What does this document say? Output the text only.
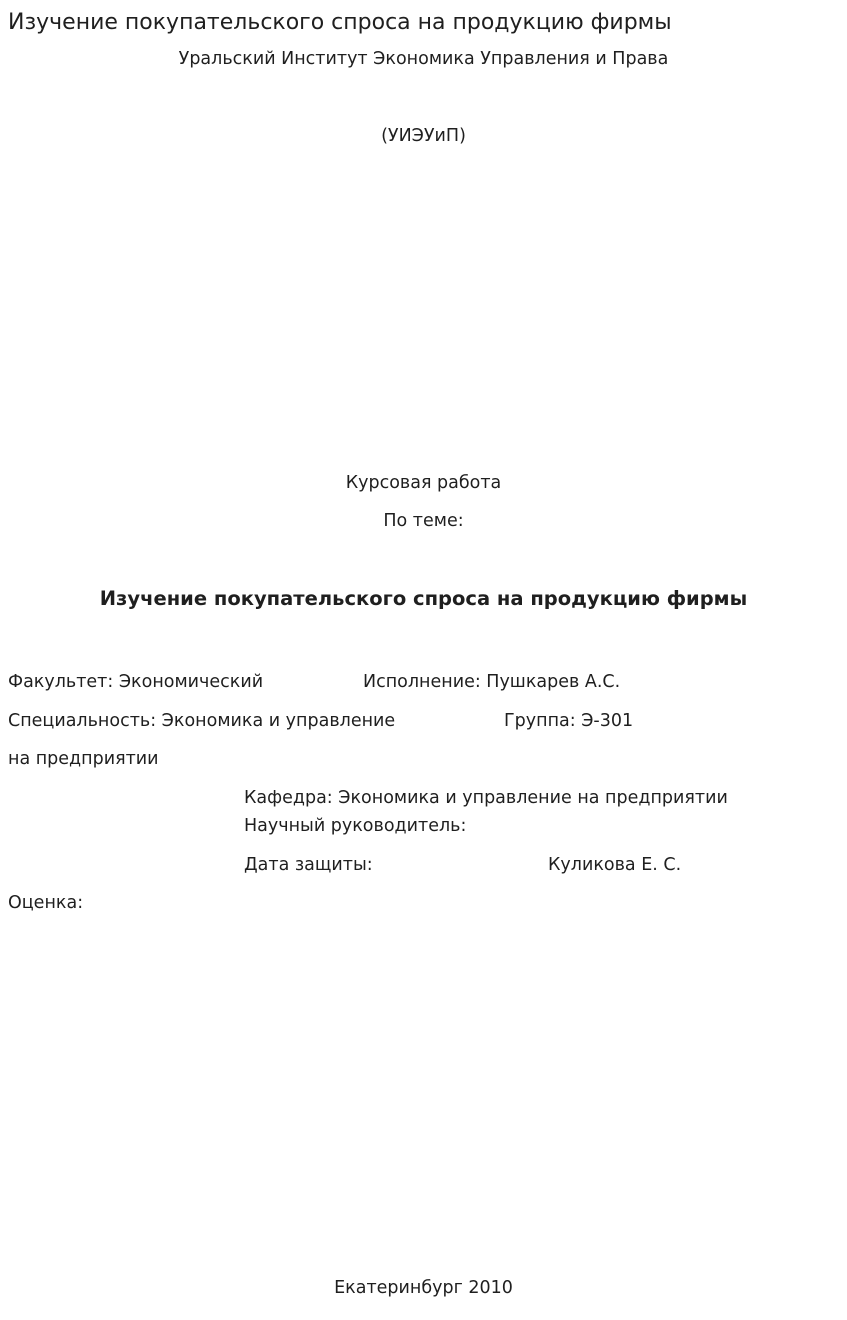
Изучение покупательского спроса на продукцию фирмы
Уральский Институт Экономика Управления и Права
(УИЭУиП)
Курсовая работа
По теме:
Изучение покупательского спроса на продукцию фирмы
Факультет: Экономический	Исполнение: Пушкарев А.С.
Специальность: Экономика и управление	Группа: Э-301
на предприятии
Кафедра: Экономика и управление на предприятии
Научный руководитель:
Дата защиты:	Куликова Е. С.
Оценка:
Екатеринбург 2010
